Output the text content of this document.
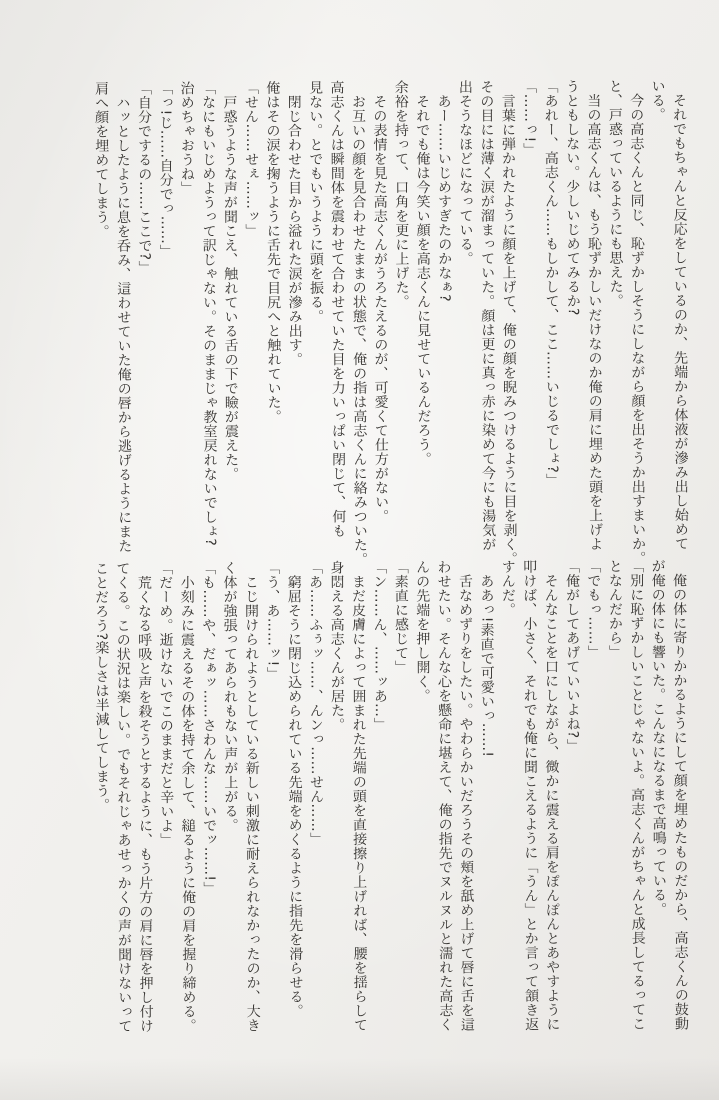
　それでもちゃんと反応をしているのか、先端から体液が滲み出し始めて
いる。
　今の高志くんと同じ、恥ずかしそうにしながら顔を出そうか出すまいか。
と、戸惑っているようにも思えた。
　当の高志くんは、もう恥ずかしいだけなのか俺の肩に埋めた頭を上げよ
うともしない。少しいじめてみるか?
「あれー、高志くん……もしかして、ここ……いじるでしょ?」
「……っ!」
　言葉に弾かれたように顔を上げて、俺の顔を睨みつけるように目を剥く。
その目には薄く涙が溜まっていた。顔は更に真っ赤に染めて今にも湯気が
出そうなほどになっている。
　あー……いじめすぎたのかなぁ?
　それでも俺は今笑い顔を高志くんに見せているんだろう。
余裕を持って、口角を更に上げた。
　その表情を見た高志くんがうろたえるのが、可愛くて仕方がない。
　お互いの顔を見合わせたままの状態で、俺の指は高志くんに絡みついた。
高志くんは瞬間体を震わせて合わせていた目を力いっぱい閉じて、何も
見ない。とでもいうように頭を振る。
　閉じ合わせた目から溢れた涙が滲み出す。
俺はその涙を掬うように舌先で目尻へと触れていた。
「せん……せぇ……ッ」
　戸惑うような声が聞こえ、触れている舌の下で瞼が震えた。
「なにもいじめようって訳じゃない。そのままじゃ教室戻れないでしょ?
治めちゃおうね」
「っ!じ……自分でっ……」
「自分でするの……ここで?」
　ハッとしたように息を呑み、這わせていた俺の唇から逃げるようにまた
肩へ顔を埋めてしまう。
　俺の体に寄りかかるようにして顔を埋めたものだから、高志くんの鼓動
が俺の体にも響いた。こんなになるまで高鳴っている。
「別に恥ずかしいことじゃないよ。高志くんがちゃんと成長してるってこ
となんだから」
「でもっ……」
「俺がしてあげていいよね?」
　そんなことを口にしながら、微かに震える肩をぽんぽんとあやすように
叩けば、小さく、それでも俺に聞こえるように「うん」とか言って頷き返
すんだ。
　ああっ!素直で可愛いっ……!
　舌なめずりをしたい。やわらかいだろうその頬を舐め上げて唇に舌を這
わせたい。そんな心を懸命に堪えて、俺の指先でヌルヌルと濡れた高志く
んの先端を押し開く。
「素直に感じて」
「ン……ん、……ッあ…」
　まだ皮膚によって囲まれた先端の頭を直接擦り上げれば、腰を揺らして
身悶える高志くんが居た。
「あ……ふぅッ……、んンっ……せん……」
　窮屈そうに閉じ込められている先端をめくるように指先を滑らせる。
「う、あ……ッ!」
　こじ開けられようとしている新しい刺激に耐えられなかったのか、大き
く体が強張ってあられもない声が上がる。
「も……や、だぁッ……さわんな……いでッ……!」
　小刻みに震えるその体を持て余して、縋るように俺の肩を握り締める。
「だーめ。逝けないでこのままだと辛いよ」
　荒くなる呼吸と声を殺そうとするように、もう片方の肩に唇を押し付け
てくる。この状況は楽しい。でもそれじゃあせっかくの声が聞けないって
ことだろう?楽しさは半減してしまう。
